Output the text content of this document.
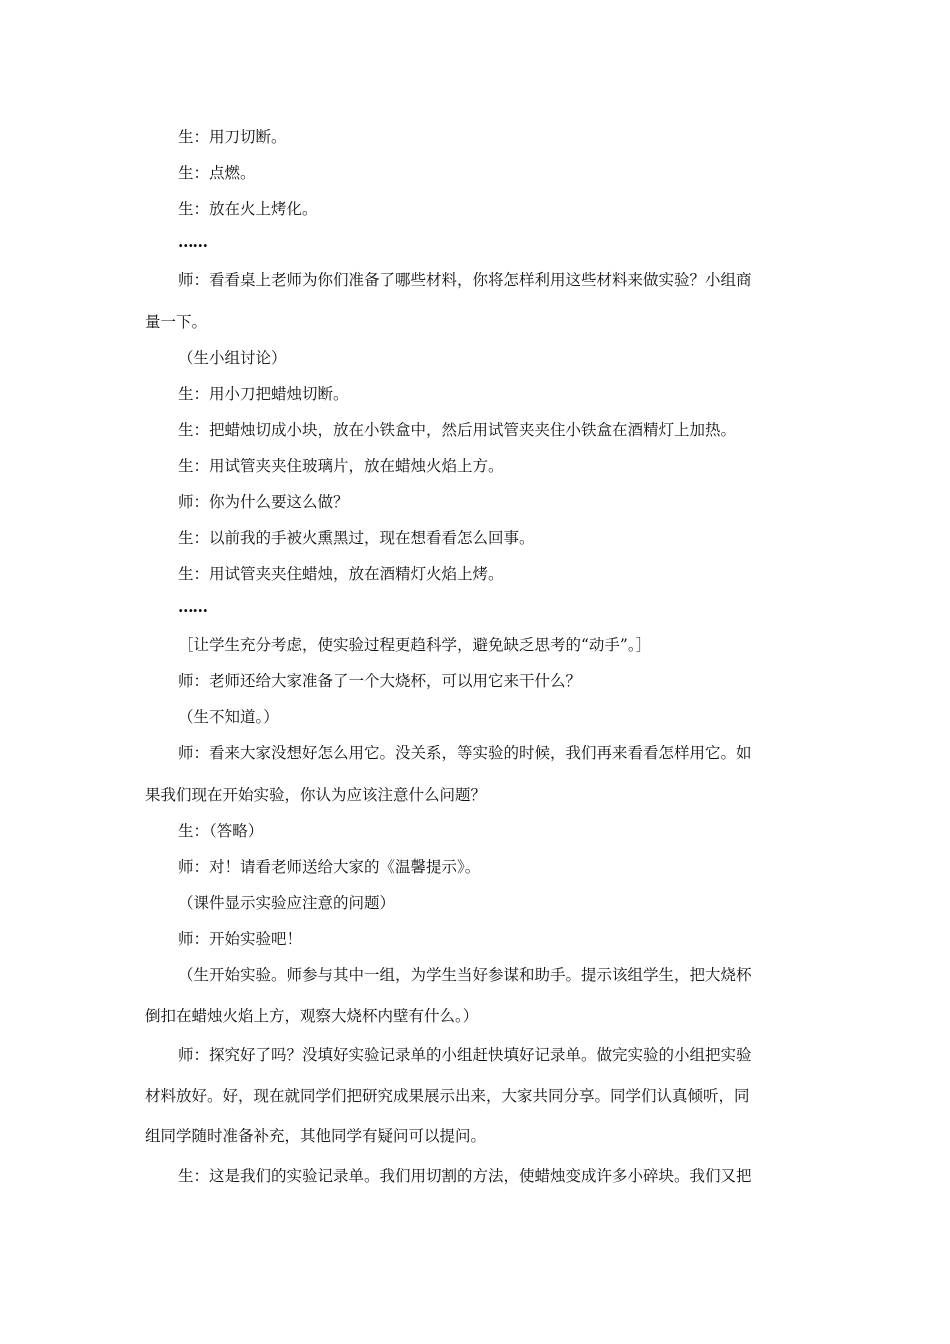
生：用刀切断。
生：点燃。
生：放在火上烤化。
……
师：看看桌上老师为你们准备了哪些材料，你将怎样利用这些材料来做实验？小组商
量一下。
（生小组讨论）
生：用小刀把蜡烛切断。
生：把蜡烛切成小块，放在小铁盒中，然后用试管夹夹住小铁盒在酒精灯上加热。
生：用试管夹夹住玻璃片，放在蜡烛火焰上方。
师：你为什么要这么做？
生：以前我的手被火熏黑过，现在想看看怎么回事。
生：用试管夹夹住蜡烛，放在酒精灯火焰上烤。
……
［让学生充分考虑，使实验过程更趋科学，避免缺乏思考的“动手”。］
师：老师还给大家准备了一个大烧杯，可以用它来干什么？
（生不知道。）
师：看来大家没想好怎么用它。没关系，等实验的时候，我们再来看看怎样用它。如
果我们现在开始实验，你认为应该注意什么问题？
生：（答略）
师：对！请看老师送给大家的《温馨提示》。
（课件显示实验应注意的问题）
师：开始实验吧！
（生开始实验。师参与其中一组，为学生当好参谋和助手。提示该组学生，把大烧杯
倒扣在蜡烛火焰上方，观察大烧杯内壁有什么。）
师：探究好了吗？没填好实验记录单的小组赶快填好记录单。做完实验的小组把实验
材料放好。好，现在就同学们把研究成果展示出来，大家共同分享。同学们认真倾听，同
组同学随时准备补充，其他同学有疑问可以提问。
生：这是我们的实验记录单。我们用切割的方法，使蜡烛变成许多小碎块。我们又把
